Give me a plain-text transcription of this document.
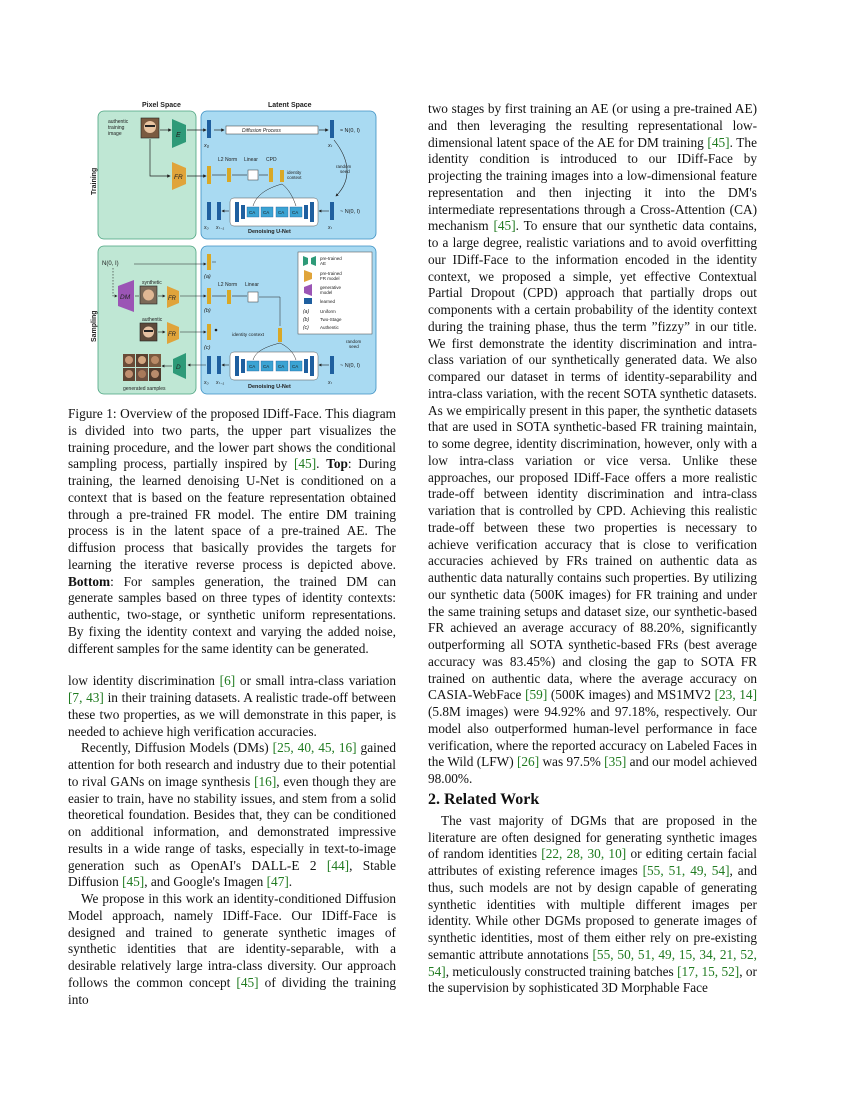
Pixel Space	Latent Space
Training
Sampling
authentic training image	E
FR
x₀
Diffusion Process
xₜ
≈ N(0, I)
L2 Norm Linear CPD
identity context
random seed
CA CA CA CA
Denoising U-Net
x₀ xₜ₋₁	xₜ
~ N(0, I)
N(0, I)
DM
synthetic
FR
authentic
FR
(a)
(b)
(c)
L2 Norm Linear
identity context
pre-trained AE
pre-trained FR model
generative model
learned
(a) Uniform
(b) Two-Stage
(c) Authentic
random seed
CA CA CA CA
Denoising U-Net
x₀ xₜ₋₁	xₜ
~ N(0, I)
D
generated samples

Figure 1: Overview of the proposed IDiff-Face. This diagram is divided into two parts, the upper part visualizes the training procedure, and the lower part shows the conditional sampling process, partially inspired by [45]. Top: During training, the learned denoising U-Net is conditioned on a context that is based on the feature representation obtained through a pre-trained FR model. The entire DM training process is in the latent space of a pre-trained AE. The diffusion process that basically provides the targets for learning the iterative reverse process is depicted above. Bottom: For samples generation, the trained DM can generate samples based on three types of identity contexts: authentic, two-stage, or synthetic uniform representations. By fixing the identity context and varying the added noise, different samples for the same identity can be generated.

low identity discrimination [6] or small intra-class variation [7, 43] in their training datasets. A realistic trade-off between these two properties, as we will demonstrate in this paper, is needed to achieve high verification accuracies.

Recently, Diffusion Models (DMs) [25, 40, 45, 16] gained attention for both research and industry due to their potential to rival GANs on image synthesis [16], even though they are easier to train, have no stability issues, and stem from a solid theoretical foundation. Besides that, they can be conditioned on additional information, and demonstrated impressive results in a wide range of tasks, especially in text-to-image generation such as OpenAI's DALL-E 2 [44], Stable Diffusion [45], and Google's Imagen [47].

We propose in this work an identity-conditioned Diffusion Model approach, namely IDiff-Face. Our IDiff-Face is designed and trained to generate synthetic images of synthetic identities that are identity-separable, with a desirable relatively large intra-class diversity. Our approach follows the common concept [45] of dividing the training into

two stages by first training an AE (or using a pre-trained AE) and then leveraging the resulting representational low-dimensional latent space of the AE for DM training [45]. The identity condition is introduced to our IDiff-Face by projecting the training images into a low-dimensional feature representation and then injecting it into the DM's intermediate representations through a Cross-Attention (CA) mechanism [45]. To ensure that our synthetic data contains, to a large degree, realistic variations and to avoid overfitting our IDiff-Face to the information encoded in the identity context, we proposed a simple, yet effective Contextual Partial Dropout (CPD) approach that partially drops out components with a certain probability of the identity context during the training phase, thus the term ”fizzy” in our title. We first demonstrate the identity discrimination and intra-class variation of our synthetically generated data. We also compared our dataset in terms of identity-separability and intra-class variation, with the recent SOTA synthetic datasets. As we empirically present in this paper, the synthetic datasets that are used in SOTA synthetic-based FR training maintain, to some degree, identity discrimination, however, only with a low intra-class variation or vice versa. Unlike these approaches, our proposed IDiff-Face offers a more realistic trade-off between identity discrimination and intra-class variation that is controlled by CPD. Achieving this realistic trade-off between these two properties is necessary to achieve verification accuracy that is close to verification accuracies achieved by FRs trained on authentic data as authentic data naturally contains such properties. By utilizing our synthetic data (500K images) for FR training and under the same training setups and dataset size, our synthetic-based FR achieved an average accuracy of 88.20%, significantly outperforming all SOTA synthetic-based FRs (best average accuracy was 83.45%) and closing the gap to SOTA FR trained on authentic data, where the average accuracy on CASIA-WebFace [59] (500K images) and MS1MV2 [23, 14] (5.8M images) were 94.92% and 97.18%, respectively. Our model also outperformed human-level performance in face verification, where the reported accuracy on Labeled Faces in the Wild (LFW) [26] was 97.5% [35] and our model achieved 98.00%.

2. Related Work

The vast majority of DGMs that are proposed in the literature are often designed for generating synthetic images of random identities [22, 28, 30, 10] or editing certain facial attributes of existing reference images [55, 51, 49, 54], and thus, such models are not by design capable of generating synthetic identities with multiple different images per identity. While other DGMs proposed to generate images of synthetic identities, most of them either rely on pre-existing semantic attribute annotations [55, 50, 51, 49, 15, 34, 21, 52, 54], meticulously constructed training batches [17, 15, 52], or the supervision by sophisticated 3D Morphable Face
